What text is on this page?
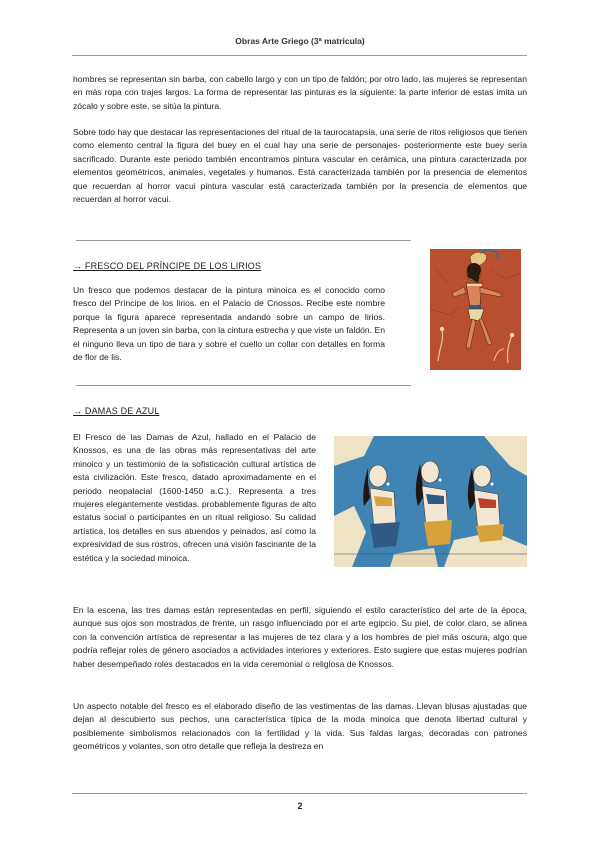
Obras Arte Griego (3ª matricula)

hombres se representan sin barba, con cabello largo y con un tipo de faldón; por otro lado, las mujeres se representan en más ropa con trajes largos. La forma de representar las pinturas es la siguiente: la parte inferior de estas imita un zócalo y sobre este, se sitúa la pintura.

Sobre todo hay que destacar las representaciones del ritual de la taurocatapsia, una serie de ritos religiosos que tienen como elemento central la figura del buey en el cual hay una serie de personajes- posteriormente este buey sería sacrificado. Durante este periodo también encontramos pintura vascular en cerámica, una pintura caracterizada por elementos geométricos, animales, vegetales y humanos. Está caracterizada también por la presencia de elementos que recuerdan al horror vacui pintura vascular está caracterizada también por la presencia de elementos que recuerdan al horror vacui.

→ FRESCO DEL PRÍNCIPE DE LOS LIRIOS

Un fresco que podemos destacar de la pintura minoica es el conocido como fresco del Príncipe de los lirios. en el Palacio de Cnossos. Recibe este nombre porque la figura aparece representada andando sobre un campo de lirios. Representa a un joven sin barba, con la cintura estrecha y que viste un faldón. En el ninguno lleva un tipo de tiara y sobre el cuello un collar con detalles en forma de flor de lis.

→ DAMAS DE AZUL

El Fresco de las Damas de Azul, hallado en el Palacio de Knossos, es una de las obras más representativas del arte minoico y un testimonio de la sofisticación cultural artística de esta civilización. Este fresco, datado aproximadamente en el periodo neopalacial (1600-1450 a.C.). Representa a tres mujeres elegantemente vestidas. probablemente figuras de alto estatus social o participantes en un ritual religioso. Su calidad artística, los detalles en sus atuendos y peinados, así como la expresividad de sus rostros, ofrecen una visión fascinante de la estética y la sociedad minoica.

En la escena, las tres damas están representadas en perfil, siguiendo el estilo característico del arte de la época, aunque sus ojos son mostrados de frente, un rasgo influenciado por el arte egipcio. Su piel, de color claro, se alinea con la convención artística de representar a las mujeres de tez clara y a los hombres de piel más oscura, algo que podría reflejar roles de género asociados a actividades interiores y exteriores. Esto sugiere que estas mujeres podrían haber desempeñado roles destacados en la vida ceremonial o religiosa de Knossos.

Un aspecto notable del fresco es el elaborado diseño de las vestimentas de las damas. Llevan blusas ajustadas que dejan al descubierto sus pechos, una característica típica de la moda minoica que denota libertad cultural y posiblemente simbolismos relacionados con la fertilidad y la vida. Sus faldas largas, decoradas con patrones geométricos y volantes, son otro detalle que refleja la destreza en

2
